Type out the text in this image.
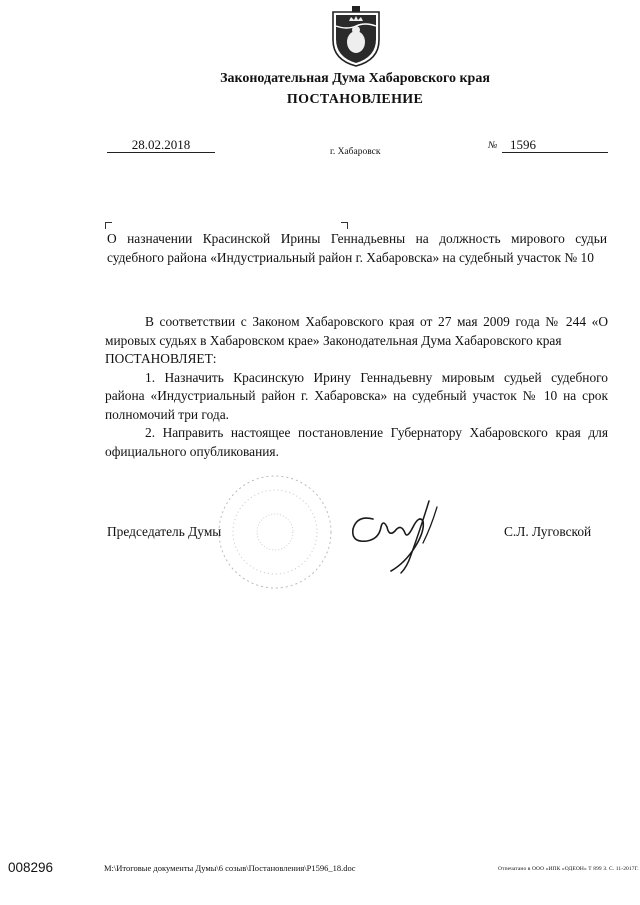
Законодательная Дума Хабаровского края
ПОСТАНОВЛЕНИЕ
28.02.2018	г. Хабаровск
№ 1596
О назначении Красинской Ирины Геннадьевны на должность мирового судьи судебного района «Индустриальный район г. Хабаровска» на судебный участок № 10

В соответствии с Законом Хабаровского края от 27 мая 2009 года № 244 «О мировых судьях в Хабаровском крае» Законодательная Дума Хабаровского края

ПОСТАНОВЛЯЕТ:

1. Назначить Красинскую Ирину Геннадьевну мировым судьей судебного района «Индустриальный район г. Хабаровска» на судебный участок № 10 на срок полномочий три года.

2. Направить настоящее постановление Губернатору Хабаровского края для официального опубликования.

Председатель Думы	С.Л. Луговской
008296	M:\Итоговые документы Думы\6 созыв\Постановления\P1596_18.doc	Отпечатано в ООО «ИПК «ОДЕОН» Т 899 З. С. 11-2017Г.
